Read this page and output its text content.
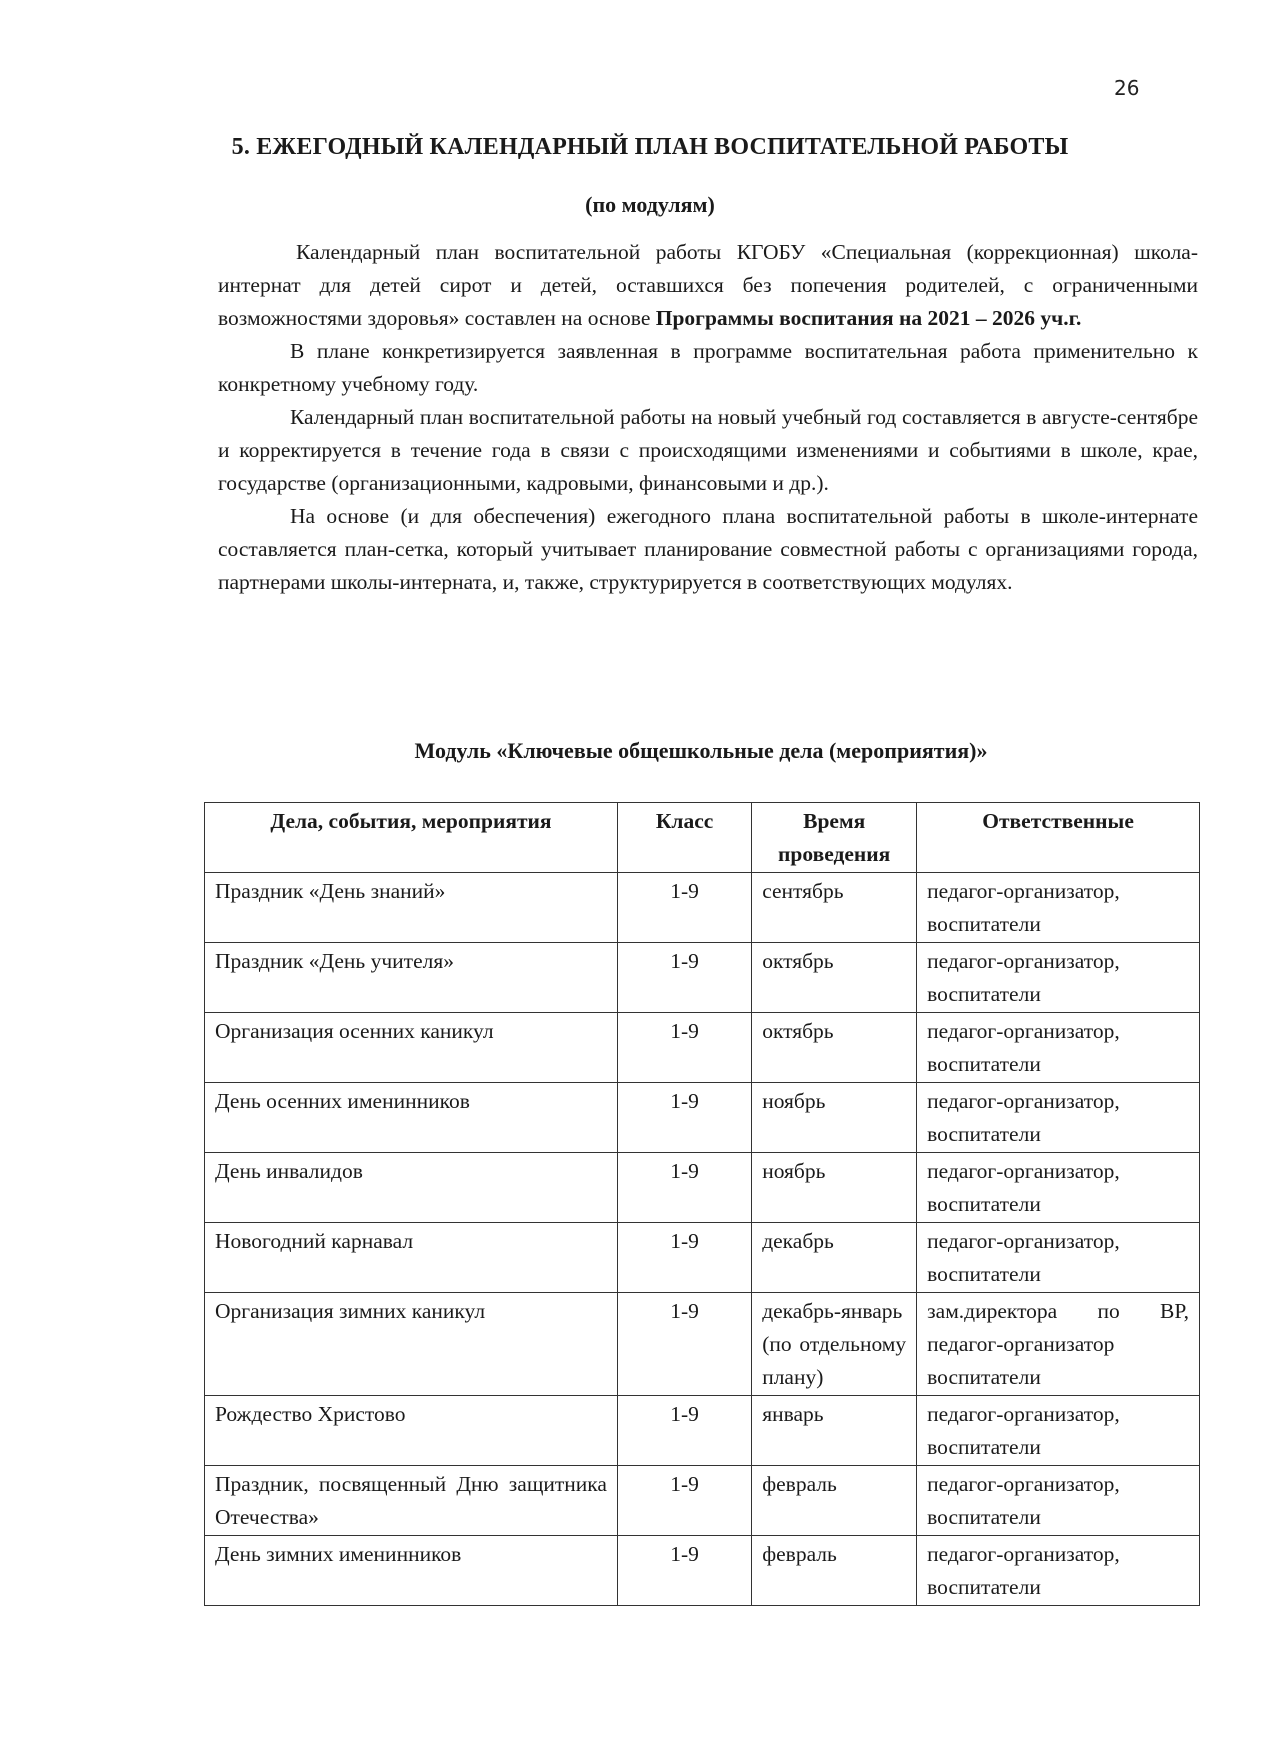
26
5. ЕЖЕГОДНЫЙ КАЛЕНДАРНЫЙ ПЛАН ВОСПИТАТЕЛЬНОЙ РАБОТЫ
(по модулям)

Календарный план воспитательной работы КГОБУ «Специальная (коррекционная) школа-интернат для детей сирот и детей, оставшихся без попечения родителей, с ограниченными возможностями здоровья» составлен на основе Программы воспитания на 2021 – 2026 уч.г.

В плане конкретизируется заявленная в программе воспитательная работа применительно к конкретному учебному году.

Календарный план воспитательной работы на новый учебный год составляется в августе-сентябре и корректируется в течение года в связи с происходящими изменениями и событиями в школе, крае, государстве (организационными, кадровыми, финансовыми и др.).

На основе (и для обеспечения) ежегодного плана воспитательной работы в школе-интернате составляется план-сетка, который учитывает планирование совместной работы с организациями города, партнерами школы-интерната, и, также, структурируется в соответствующих модулях.

Модуль «Ключевые общешкольные дела (мероприятия)»
Дела, события, мероприятия	Класс	Время проведения	Ответственные
Праздник «День знаний»	1-9	сентябрь	педагог-организатор, воспитатели
Праздник «День учителя»	1-9	октябрь	педагог-организатор, воспитатели
Организация осенних каникул	1-9	октябрь	педагог-организатор, воспитатели
День осенних именинников	1-9	ноябрь	педагог-организатор, воспитатели
День инвалидов	1-9	ноябрь	педагог-организатор, воспитатели
Новогодний карнавал	1-9	декабрь	педагог-организатор, воспитатели
Организация зимних каникул	1-9	декабрь-январь (по отдельному плану)	зам.директора по ВР, педагог-организатор воспитатели
Рождество Христово	1-9	январь	педагог-организатор, воспитатели
Праздник, посвященный Дню защитника Отечества»	1-9	февраль	педагог-организатор, воспитатели
День зимних именинников	1-9	февраль	педагог-организатор, воспитатели
